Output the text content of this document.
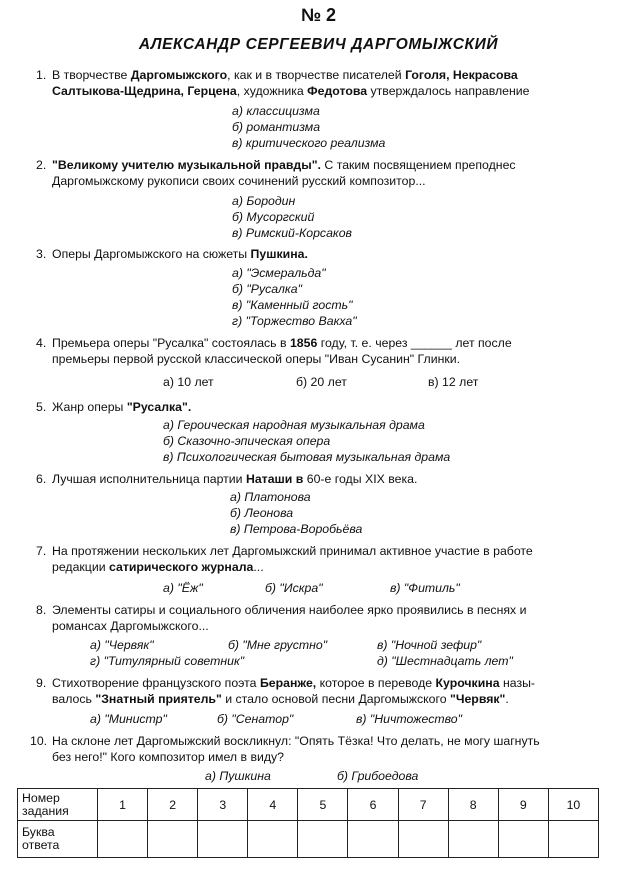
№ 2
АЛЕКСАНДР СЕРГЕЕВИЧ ДАРГОМЫЖСКИЙ
1. В творчестве Даргомыжского, как и в творчестве писателей Гоголя, Некрасова
Салтыкова-Щедрина, Герцена, художника Федотова утверждалось направление
а) классицизма
б) романтизма
в) критического реализма
2. "Великому учителю музыкальной правды". С таким посвящением преподнес
Даргомыжскому рукописи своих сочинений русский композитор...
а) Бородин
б) Мусоргский
в) Римский-Корсаков
3. Оперы Даргомыжского на сюжеты Пушкина.
а) "Эсмеральда"
б) "Русалка"
в) "Каменный гость"
г) "Торжество Вакха"
4. Премьера оперы "Русалка" состоялась в 1856 году, т. е. через ______ лет после
премьеры первой русской классической оперы "Иван Сусанин" Глинки.
а) 10 лет	б) 20 лет	в) 12 лет
5. Жанр оперы "Русалка".
а) Героическая народная музыкальная драма
б) Сказочно-эпическая опера
в) Психологическая бытовая музыкальная драма
6. Лучшая исполнительница партии Наташи в 60-е годы XIX века.
а) Платонова
б) Леонова
в) Петрова-Воробьёва
7. На протяжении нескольких лет Даргомыжский принимал активное участие в работе
редакции сатирического журнала...
а) "Ёж"	б) "Искра"	в) "Фитиль"
8. Элементы сатиры и социального обличения наиболее ярко проявились в песнях и
романсах Даргомыжского...
а) "Червяк"	б) "Мне грустно"	в) "Ночной зефир"
г) "Титулярный советник"	д) "Шестнадцать лет"
9. Стихотворение французского поэта Беранже, которое в переводе Курочкина назы-
валось "Знатный приятель" и стало основой песни Даргомыжского "Червяк".
а) "Министр"	б) "Сенатор"	в) "Ничтожество"
10. На склоне лет Даргомыжский воскликнул: "Опять Тёзка! Что делать, не могу шагнуть
без него!" Кого композитор имел в виду?
а) Пушкина	б) Грибоедова
Номер
задания	1	2	3	4	5	6	7	8	9	10
Буква
ответа										
